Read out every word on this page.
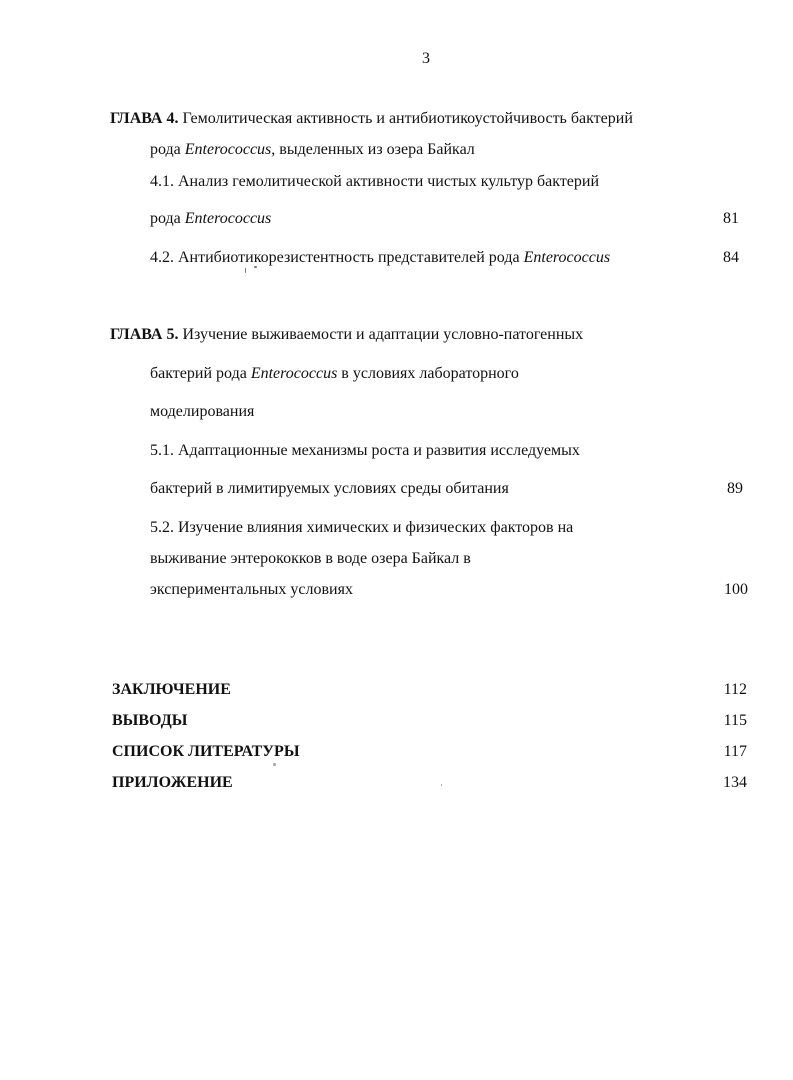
3
ГЛАВА 4. Гемолитическая активность и антибиотикоустойчивость бактерий
рода Enterococcus, выделенных из озера Байкал
4.1. Анализ гемолитической активности чистых культур бактерий
рода Enterococcus	81
4.2. Антибиотикорезистентность представителей рода Enterococcus	84
ГЛАВА 5. Изучение выживаемости и адаптации условно-патогенных
бактерий рода Enterococcus в условиях лабораторного
моделирования
5.1. Адаптационные механизмы роста и развития исследуемых
бактерий в лимитируемых условиях среды обитания	89
5.2. Изучение влияния химических и физических факторов на
выживание энтерококков в воде озера Байкал в
экспериментальных условиях	100
ЗАКЛЮЧЕНИЕ	112
ВЫВОДЫ	115
СПИСОК ЛИТЕРАТУРЫ	117
ПРИЛОЖЕНИЕ	134
